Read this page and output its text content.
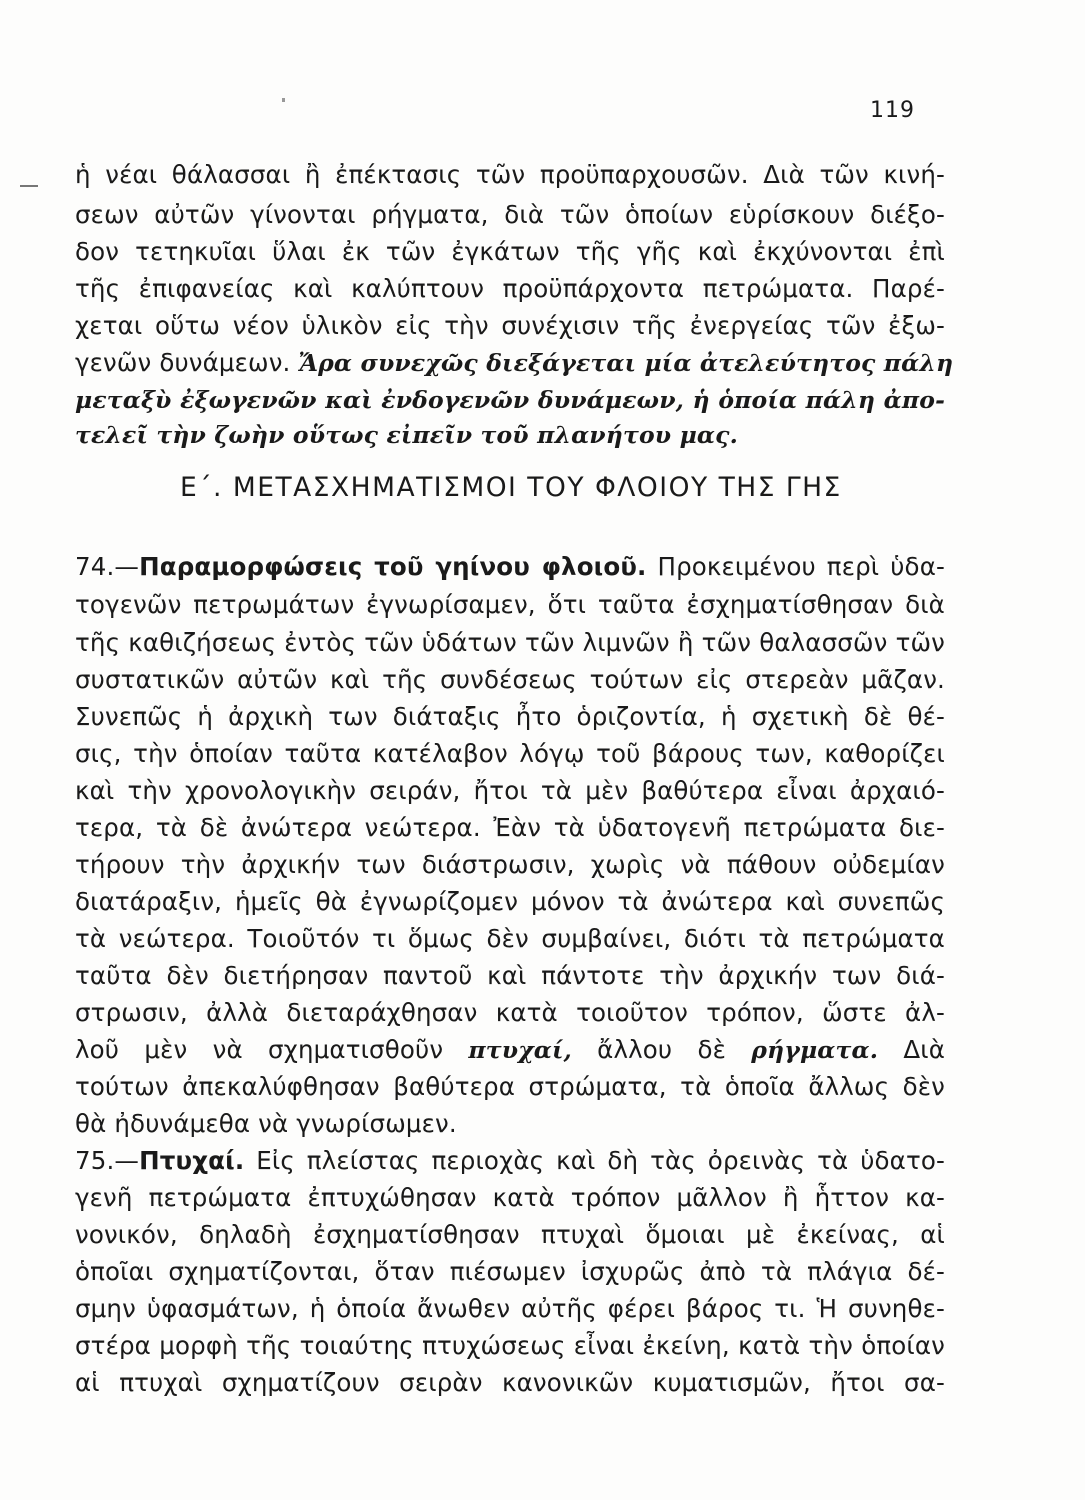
119
ἡ νέαι θάλασσαι ἢ ἐπέκτασις τῶν προϋπαρχουσῶν. Διὰ τῶν κινή-
σεων αὐτῶν γίνονται ρήγματα, διὰ τῶν ὁποίων εὑρίσκουν διέξο-
δον τετηκυῖαι ὕλαι ἐκ τῶν ἐγκάτων τῆς γῆς καὶ ἐκχύνονται ἐπὶ
τῆς ἐπιφανείας καὶ καλύπτουν προϋπάρχοντα πετρώματα. Παρέ-
χεται οὕτω νέον ὑλικὸν εἰς τὴν συνέχισιν τῆς ἐνεργείας τῶν ἐξω-
γενῶν δυνάμεων. Ἄρα συνεχῶς διεξάγεται μία ἀτελεύτητος πάλη
μεταξὺ ἐξωγενῶν καὶ ἐνδογενῶν δυνάμεων, ἡ ὁποία πάλη ἀπο-
τελεῖ τὴν ζωὴν οὕτως εἰπεῖν τοῦ πλανήτου μας.
Ε΄. ΜΕΤΑΣΧΗΜΑΤΙΣΜΟΙ ΤΟΥ ΦΛΟΙΟΥ ΤΗΣ ΓΗΣ
74.—Παραμορφώσεις τοῦ γηίνου φλοιοῦ. Προκειμένου περὶ ὑδα-
τογενῶν πετρωμάτων ἐγνωρίσαμεν, ὅτι ταῦτα ἐσχηματίσθησαν διὰ
τῆς καθιζήσεως ἐντὸς τῶν ὑδάτων τῶν λιμνῶν ἢ τῶν θαλασσῶν τῶν
συστατικῶν αὐτῶν καὶ τῆς συνδέσεως τούτων εἰς στερεὰν μᾶζαν.
Συνεπῶς ἡ ἀρχικὴ των διάταξις ἦτο ὁριζοντία, ἡ σχετικὴ δὲ θέ-
σις, τὴν ὁποίαν ταῦτα κατέλαβον λόγῳ τοῦ βάρους των, καθορίζει
καὶ τὴν χρονολογικὴν σειράν, ἤτοι τὰ μὲν βαθύτερα εἶναι ἀρχαιό-
τερα, τὰ δὲ ἀνώτερα νεώτερα. Ἐὰν τὰ ὑδατογενῆ πετρώματα διε-
τήρουν τὴν ἀρχικήν των διάστρωσιν, χωρὶς νὰ πάθουν οὐδεμίαν
διατάραξιν, ἡμεῖς θὰ ἐγνωρίζομεν μόνον τὰ ἀνώτερα καὶ συνεπῶς
τὰ νεώτερα. Τοιοῦτόν τι ὅμως δὲν συμβαίνει, διότι τὰ πετρώματα
ταῦτα δὲν διετήρησαν παντοῦ καὶ πάντοτε τὴν ἀρχικήν των διά-
στρωσιν, ἀλλὰ διεταράχθησαν κατὰ τοιοῦτον τρόπον, ὥστε ἀλ-
λοῦ μὲν νὰ σχηματισθοῦν πτυχαί, ἄλλου δὲ ρήγματα. Διὰ
τούτων ἀπεκαλύφθησαν βαθύτερα στρώματα, τὰ ὁποῖα ἄλλως δὲν
θὰ ἠδυνάμεθα νὰ γνωρίσωμεν.
75.—Πτυχαί. Εἰς πλείστας περιοχὰς καὶ δὴ τὰς ὀρεινὰς τὰ ὑδατο-
γενῆ πετρώματα ἐπτυχώθησαν κατὰ τρόπον μᾶλλον ἢ ἧττον κα-
νονικόν, δηλαδὴ ἐσχηματίσθησαν πτυχαὶ ὅμοιαι μὲ ἐκείνας, αἱ
ὁποῖαι σχηματίζονται, ὅταν πιέσωμεν ἰσχυρῶς ἀπὸ τὰ πλάγια δέ-
σμην ὑφασμάτων, ἡ ὁποία ἄνωθεν αὐτῆς φέρει βάρος τι. Ἡ συνηθε-
στέρα μορφὴ τῆς τοιαύτης πτυχώσεως εἶναι ἐκείνη, κατὰ τὴν ὁποίαν
αἱ πτυχαὶ σχηματίζουν σειρὰν κανονικῶν κυματισμῶν, ἤτοι σα-
